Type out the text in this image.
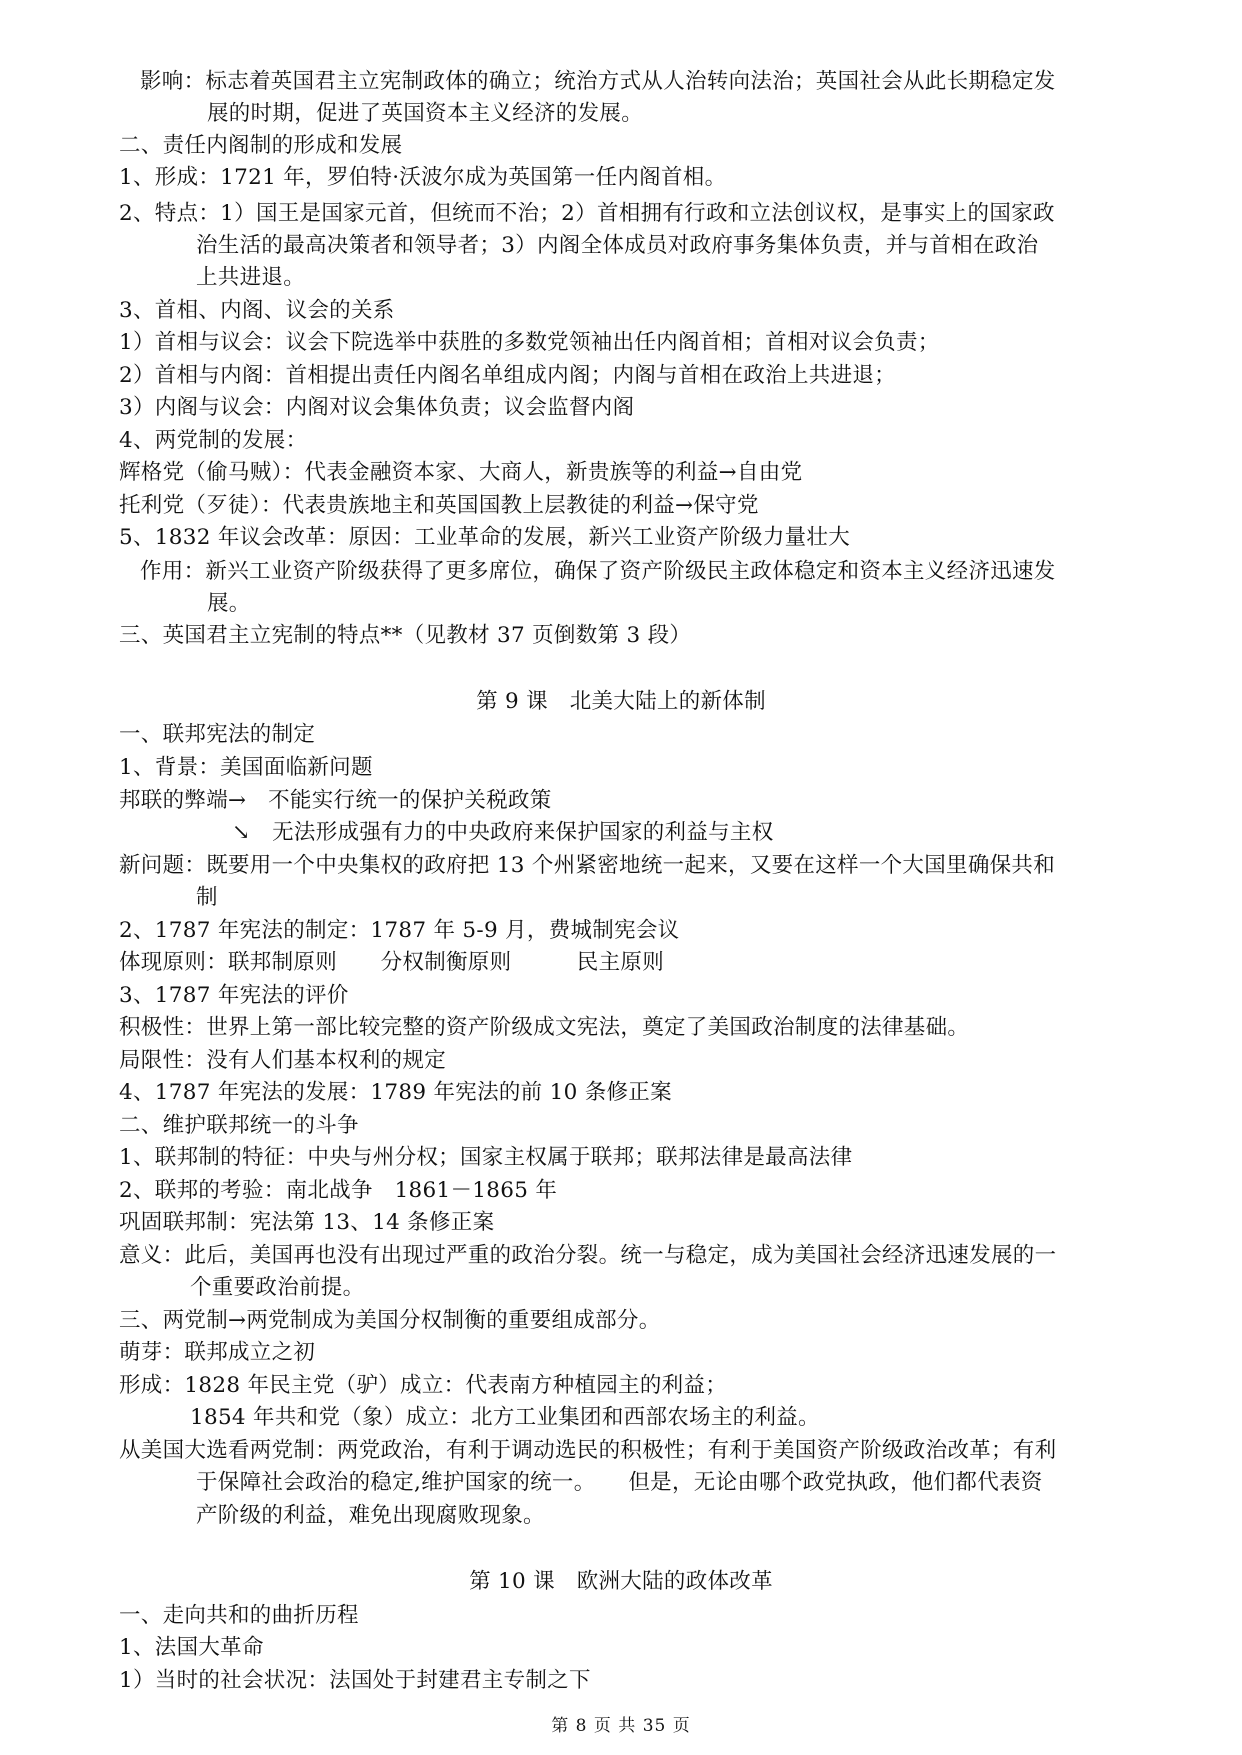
影响：标志着英国君主立宪制政体的确立；统治方式从人治转向法治；英国社会从此长期稳定发
展的时期，促进了英国资本主义经济的发展。
二、责任内阁制的形成和发展
1、形成：1721 年，罗伯特·沃波尔成为英国第一任内阁首相。
2、特点：1）国王是国家元首，但统而不治；2）首相拥有行政和立法创议权，是事实上的国家政
治生活的最高决策者和领导者；3）内阁全体成员对政府事务集体负责，并与首相在政治
上共进退。
3、首相、内阁、议会的关系
1）首相与议会：议会下院选举中获胜的多数党领袖出任内阁首相；首相对议会负责；
2）首相与内阁：首相提出责任内阁名单组成内阁；内阁与首相在政治上共进退；
3）内阁与议会：内阁对议会集体负责；议会监督内阁
4、两党制的发展：
辉格党（偷马贼）：代表金融资本家、大商人，新贵族等的利益→自由党
托利党（歹徒）：代表贵族地主和英国国教上层教徒的利益→保守党
5、1832 年议会改革：原因：工业革命的发展，新兴工业资产阶级力量壮大
作用：新兴工业资产阶级获得了更多席位，确保了资产阶级民主政体稳定和资本主义经济迅速发
展。
三、英国君主立宪制的特点**（见教材 37 页倒数第 3 段）
第 9 课　北美大陆上的新体制
一、联邦宪法的制定
1、背景：美国面临新问题
邦联的弊端→　不能实行统一的保护关税政策
↘　无法形成强有力的中央政府来保护国家的利益与主权
新问题：既要用一个中央集权的政府把 13 个州紧密地统一起来，又要在这样一个大国里确保共和
制
2、1787 年宪法的制定：1787 年 5-9 月，费城制宪会议
体现原则：联邦制原则　　分权制衡原则　　　民主原则
3、1787 年宪法的评价
积极性：世界上第一部比较完整的资产阶级成文宪法，奠定了美国政治制度的法律基础。
局限性：没有人们基本权利的规定
4、1787 年宪法的发展：1789 年宪法的前 10 条修正案
二、维护联邦统一的斗争
1、联邦制的特征：中央与州分权；国家主权属于联邦；联邦法律是最高法律
2、联邦的考验：南北战争　1861－1865 年
巩固联邦制：宪法第 13、14 条修正案
意义：此后，美国再也没有出现过严重的政治分裂。统一与稳定，成为美国社会经济迅速发展的一
个重要政治前提。
三、两党制→两党制成为美国分权制衡的重要组成部分。
萌芽：联邦成立之初
形成：1828 年民主党（驴）成立：代表南方种植园主的利益；
1854 年共和党（象）成立：北方工业集团和西部农场主的利益。
从美国大选看两党制：两党政治，有利于调动选民的积极性；有利于美国资产阶级政治改革；有利
于保障社会政治的稳定,维护国家的统一。　　但是，无论由哪个政党执政，他们都代表资
产阶级的利益，难免出现腐败现象。
第 10 课　欧洲大陆的政体改革
一、走向共和的曲折历程
1、法国大革命
1）当时的社会状况：法国处于封建君主专制之下
第 8 页 共 35 页
